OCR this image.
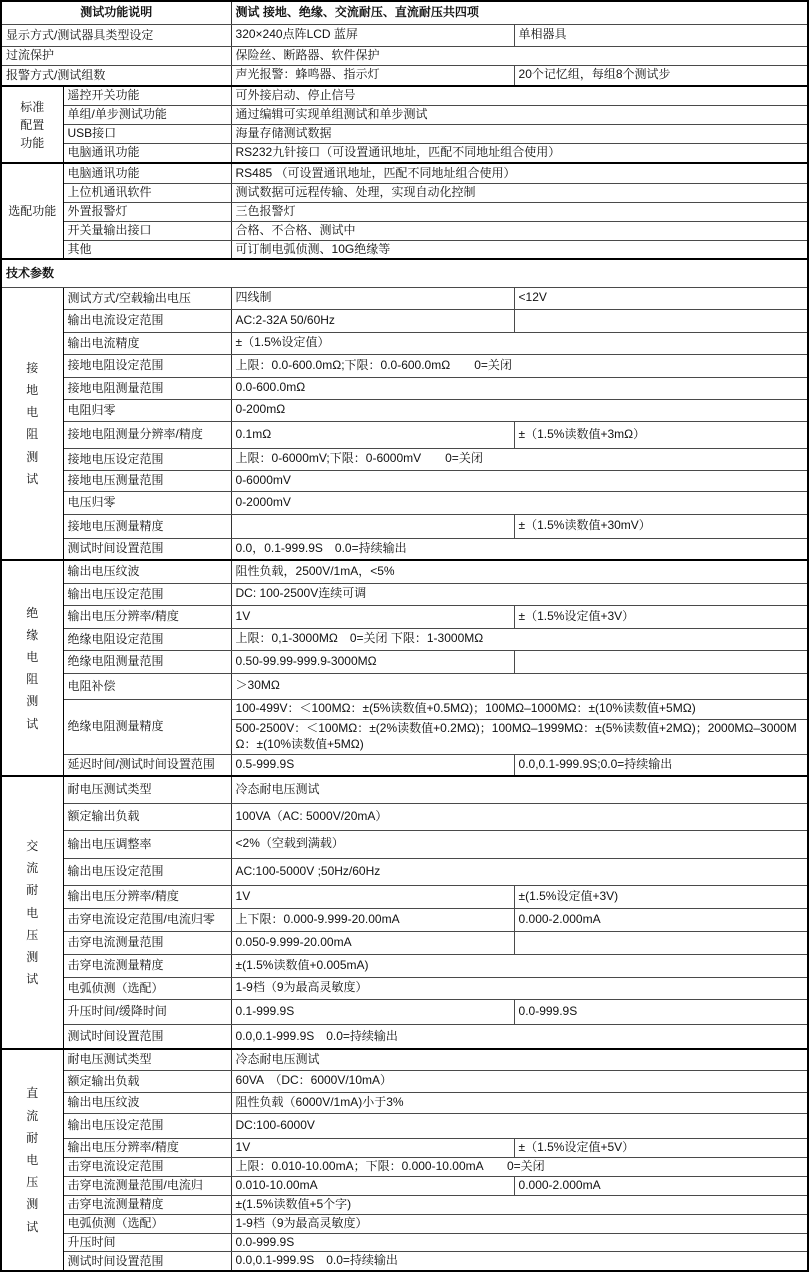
测试功能说明		测试 接地、绝缘、交流耐压、直流耐压共四项	
显示方式/测试器具类型设定		320×240点阵LCD 蓝屏	单相器具
过流保护		保险丝、断路器、软件保护	
报警方式/测试组数		声光报警：蜂鸣器、指示灯	20个记忆组，每组8个测试步

标准
配置
功能	遥控开关功能	可外接启动、停止信号	
	单组/单步测试功能	通过编辑可实现单组测试和单步测试	
	USB接口	海量存储测试数据	
	电脑通讯功能	RS232九针接口（可设置通讯地址，匹配不同地址组合使用）	
选配功能	电脑通讯功能	RS485 （可设置通讯地址，匹配不同地址组合使用）	
	上位机通讯软件	测试数据可远程传输、处理，实现自动化控制	
	外置报警灯	三色报警灯	
	开关量输出接口	合格、不合格、测试中	
	其他	可订制电弧侦测、10G绝缘等	
技术参数			

接
地
电
阻
测
试
	测试方式/空载输出电压	四线制	<12V
	输出电流设定范围	AC:2-32A 50/60Hz	
	输出电流精度	±（1.5%设定值）	
	接地电阻设定范围	上限：0.0-600.0mΩ;下限：0.0-600.0mΩ　　0=关闭	
	接地电阻测量范围	0.0-600.0mΩ	
	电阻归零	0-200mΩ	
	接地电阻测量分辨率/精度	0.1mΩ	±（1.5%读数值+3mΩ）
	接地电压设定范围	上限：0-6000mV;下限：0-6000mV　　0=关闭	
	接地电压测量范围	0-6000mV	
	电压归零	0-2000mV	
	接地电压测量精度		±（1.5%读数值+30mV）
	测试时间设置范围	0.0，0.1-999.9S　0.0=持续输出	

绝
缘
电
阻
测
试
	输出电压纹波	阻性负载，2500V/1mA，<5%
	输出电压设定范围	DC: 100-2500V连续可调	
	输出电压分辨率/精度	1V	±（1.5%设定值+3V）
	绝缘电阻设定范围	上限：0,1-3000MΩ　0=关闭 下限：1-3000MΩ	
	绝缘电阻测量范围	0.50-99.99-999.9-3000MΩ	
	电阻补偿	＞30MΩ	
	绝缘电阻测量精度	100-499V：＜100MΩ：±(5%读数值+0.5MΩ)；100MΩ–1000MΩ：±(10%读数值+5MΩ)	
		500-2500V：＜100MΩ：±(2%读数值+0.2MΩ)；100MΩ–1999MΩ：±(5%读数值+2MΩ)；2000MΩ–3000MΩ：±(10%读数值+5MΩ)	
	延迟时间/测试时间设置范围	0.5-999.9S	0.0,0.1-999.9S;0.0=持续输出

交
流
耐
电
压
测
试
	耐电压测试类型	冷态耐电压测试
	额定输出负载	100VA（AC: 5000V/20mA）	
	输出电压调整率	<2%（空载到满载）	
	输出电压设定范围	AC:100-5000V ;50Hz/60Hz	
	输出电压分辨率/精度	1V	±(1.5%设定值+3V)
	击穿电流设定范围/电流归零	上下限：0.000-9.999-20.00mA	0.000-2.000mA
	击穿电流测量范围	0.050-9.999-20.00mA	
	击穿电流测量精度	±(1.5%读数值+0.005mA)	
	电弧侦测（选配）	1-9档（9为最高灵敏度）	
	升压时间/缓降时间	0.1-999.9S	0.0-999.9S
	测试时间设置范围	0.0,0.1-999.9S　0.0=持续输出	

直
流
耐
电
压
测
试
	耐电压测试类型	冷态耐电压测试
	额定输出负载	60VA　（DC：6000V/10mA）	
	输出电压纹波	阻性负载（6000V/1mA)小于3%	
	输出电压设定范围	DC:100-6000V	
	输出电压分辨率/精度	1V	±（1.5%设定值+5V）
	击穿电流设定范围	上限：0.010-10.00mA；下限：0.000-10.00mA　　0=关闭	
	击穿电流测量范围/电流归	0.010-10.00mA	0.000-2.000mA
	击穿电流测量精度	±(1.5%读数值+5个字)	
	电弧侦测（选配）	1-9档（9为最高灵敏度）	
	升压时间	0.0-999.9S	
	测试时间设置范围	0.0,0.1-999.9S　0.0=持续输出	
